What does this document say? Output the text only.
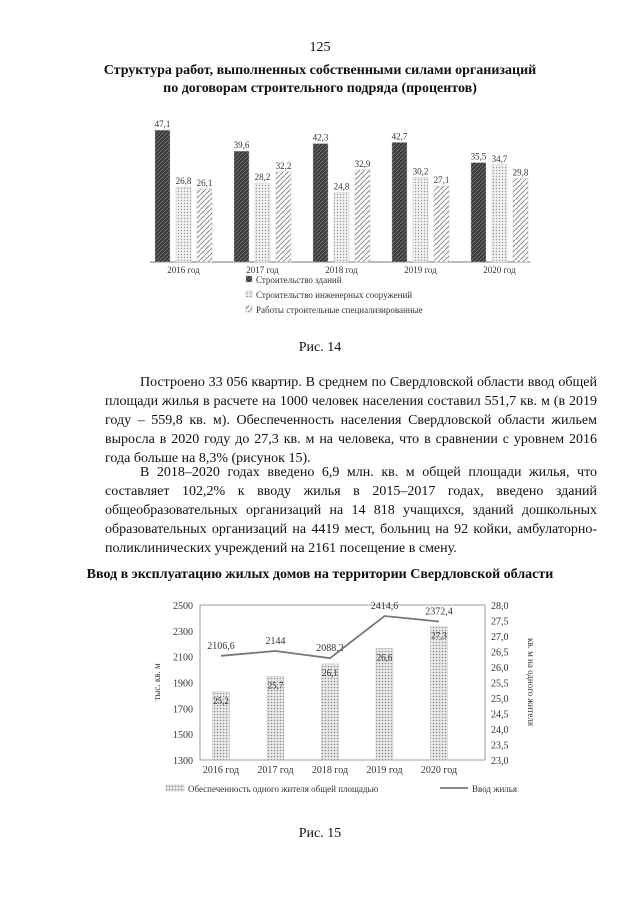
125
Структура работ, выполненных собственными силами организаций
по договорам строительного подряда (процентов)
47,1
26,8 26,1
2016 год
39,6
28,2
32,2
2017 год
42,3
24,8
32,9
2018 год
42,7
30,2
27,1
2019 год
35,5 34,7
29,8
2020 год
Строительство зданий
Строительство инженерных сооружений
Работы строительные специализированные
Рис. 14
Построено 33 056 квартир. В среднем по Свердловской области ввод общей площади жилья в расчете на 1000 человек населения составил 551,7 кв. м (в 2019 году – 559,8 кв. м). Обеспеченность населения Свердловской области жильем выросла в 2020 году до 27,3 кв. м на человека, что в сравнении с уровнем 2016 года больше на 8,3% (рисунок 15).
В 2018–2020 годах введено 6,9 млн. кв. м общей площади жилья, что составляет 102,2% к вводу жилья в 2015–2017 годах, введено зданий общеобразовательных организаций на 14 818 учащихся, зданий дошкольных образовательных организаций на 4419 мест, больниц на 92 койки, амбулаторно-поликлинических учреждений на 2161 посещение в смену.
Ввод в эксплуатацию жилых домов на территории Свердловской области
1300
1500
1700
1900
2100
2300
2500
23,0
23,5
24,0
24,5
25,0
25,5
26,0
26,5
27,0
27,5
28,0
тыс. кв. м	кв. м на одного жителя
25,2
2016 год
25,7
2017 год
26,1
2018 год
26,6
2019 год
27,3
2020 год
2106,6	2144
2088,2
2414,6	2372,4
Обеспеченность одного жителя общей площадью	Ввод жилья
Рис. 15
